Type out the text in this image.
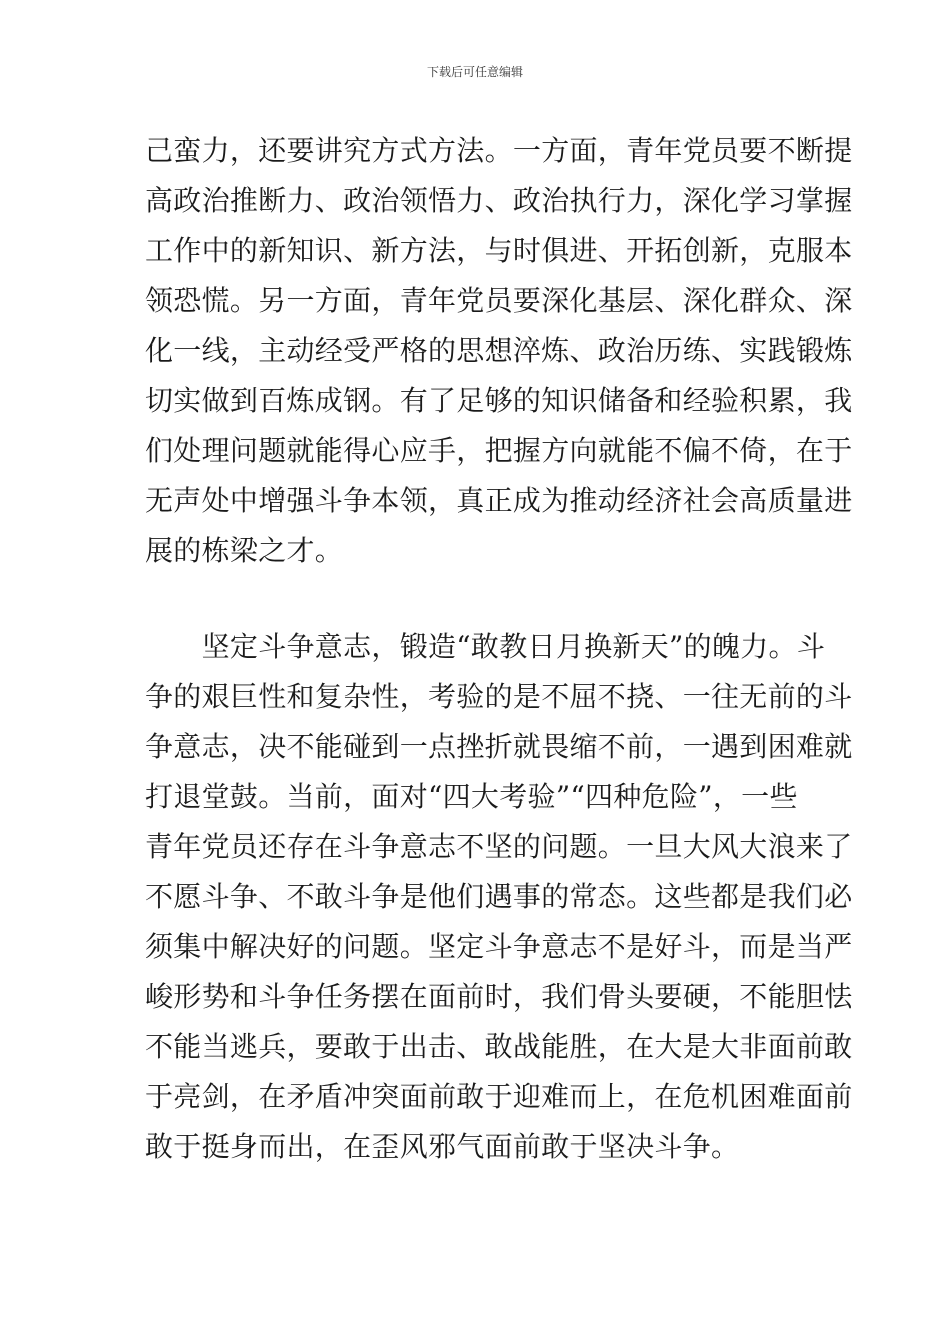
下载后可任意编辑
己蛮力，还要讲究方式方法。一方面，青年党员要不断提
高政治推断力、政治领悟力、政治执行力，深化学习掌握
工作中的新知识、新方法，与时俱进、开拓创新，克服本
领恐慌。另一方面，青年党员要深化基层、深化群众、深
化一线，主动经受严格的思想淬炼、政治历练、实践锻炼
切实做到百炼成钢。有了足够的知识储备和经验积累，我
们处理问题就能得心应手，把握方向就能不偏不倚，在于
无声处中增强斗争本领，真正成为推动经济社会高质量进
展的栋梁之才。
　　坚定斗争意志，锻造“敢教日月换新天”的魄力。斗
争的艰巨性和复杂性，考验的是不屈不挠、一往无前的斗
争意志，决不能碰到一点挫折就畏缩不前，一遇到困难就
打退堂鼓。当前，面对“四大考验”“四种危险”，一些
青年党员还存在斗争意志不坚的问题。一旦大风大浪来了
不愿斗争、不敢斗争是他们遇事的常态。这些都是我们必
须集中解决好的问题。坚定斗争意志不是好斗，而是当严
峻形势和斗争任务摆在面前时，我们骨头要硬，不能胆怯
不能当逃兵，要敢于出击、敢战能胜，在大是大非面前敢
于亮剑，在矛盾冲突面前敢于迎难而上，在危机困难面前
敢于挺身而出，在歪风邪气面前敢于坚决斗争。
